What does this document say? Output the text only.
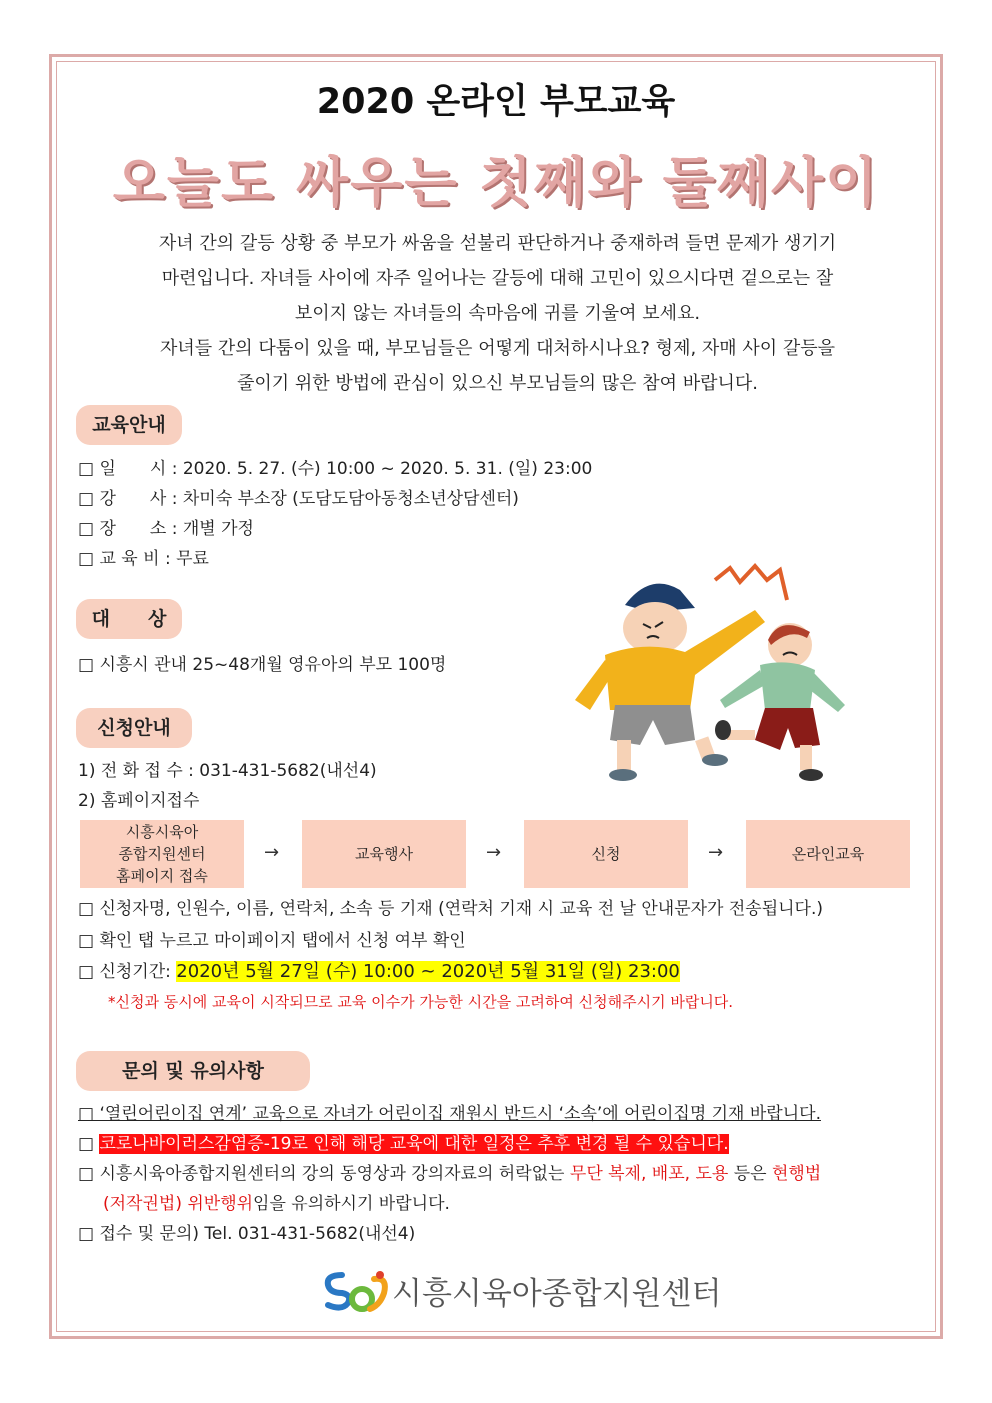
2020 온라인 부모교육
오늘도 싸우는 첫째와 둘째사이
자녀 간의 갈등 상황 중 부모가 싸움을 섣불리 판단하거나 중재하려 들면 문제가 생기기
마련입니다. 자녀들 사이에 자주 일어나는 갈등에 대해 고민이 있으시다면 겉으로는 잘
보이지 않는 자녀들의 속마음에 귀를 기울여 보세요.
자녀들 간의 다툼이 있을 때, 부모님들은 어떻게 대처하시나요? 형제, 자매 사이 갈등을
줄이기 위한 방법에 관심이 있으신 부모님들의 많은 참여 바랍니다.
교육안내
□ 일　　시 : 2020. 5. 27. (수) 10:00 ~ 2020. 5. 31. (일) 23:00
□ 강　　사 : 차미숙 부소장 (도담도담아동청소년상담센터)
□ 장　　소 : 개별 가정
□ 교 육 비 : 무료
대　　상
□ 시흥시 관내 25~48개월 영유아의 부모 100명
신청안내
1) 전 화 접 수 : 031-431-5682(내선4)
2) 홈페이지접수
시흥시육아
종합지원센터
홈페이지 접속
→	교육행사	→	신청	→	온라인교육
□ 신청자명, 인원수, 이름, 연락처, 소속 등 기재 (연락처 기재 시 교육 전 날 안내문자가 전송됩니다.)
□ 확인 탭 누르고 마이페이지 탭에서 신청 여부 확인
□ 신청기간: 2020년 5월 27일 (수) 10:00 ~ 2020년 5월 31일 (일) 23:00
*신청과 동시에 교육이 시작되므로 교육 이수가 가능한 시간을 고려하여 신청해주시기 바랍니다.
문의 및 유의사항
□ ‘열린어린이집 연계’ 교육으로 자녀가 어린이집 재원시 반드시 ‘소속’에 어린이집명 기재 바랍니다.
□ 코로나바이러스감염증-19로 인해 해당 교육에 대한 일정은 추후 변경 될 수 있습니다.
□ 시흥시육아종합지원센터의 강의 동영상과 강의자료의 허락없는 무단 복제, 배포, 도용 등은 현행법
(저작권법) 위반행위임을 유의하시기 바랍니다.
□ 접수 및 문의) Tel. 031-431-5682(내선4)
시흥시육아종합지원센터
